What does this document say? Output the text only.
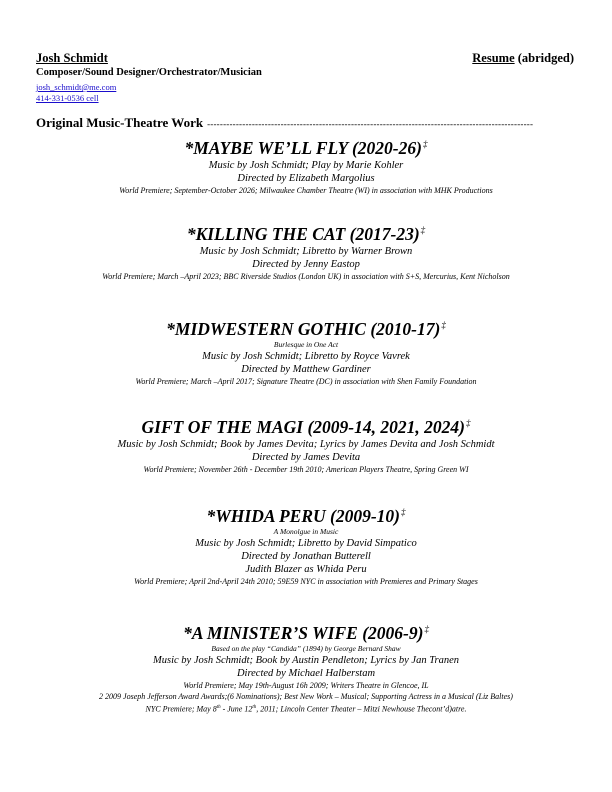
Josh Schmidt	Resume (abridged)
Composer/Sound Designer/Orchestrator/Musician
josh_schmidt@me.com
414-331-0536 cell
Original Music-Theatre Work ------------------------------------------------------------------------------------------------------
*MAYBE WE’LL FLY (2020-26)‡
Music by Josh Schmidt; Play by Marie Kohler
Directed by Elizabeth Margolius
World Premiere; September-October 2026; Milwaukee Chamber Theatre (WI) in association with MHK Productions
*KILLING THE CAT (2017-23)‡
Music by Josh Schmidt; Libretto by Warner Brown
Directed by Jenny Eastop
World Premiere; March –April 2023; BBC Riverside Studios (London UK) in association with S+S, Mercurius, Kent Nicholson
*MIDWESTERN GOTHIC (2010-17)‡
Burlesque in One Act
Music by Josh Schmidt; Libretto by Royce Vavrek
Directed by Matthew Gardiner
World Premiere; March –April 2017; Signature Theatre (DC) in association with Shen Family Foundation
GIFT OF THE MAGI (2009-14, 2021, 2024)‡
Music by Josh Schmidt; Book by James Devita; Lyrics by James Devita and Josh Schmidt
Directed by James Devita
World Premiere; November 26th - December 19th 2010; American Players Theatre, Spring Green WI
*WHIDA PERU (2009-10)‡
A Monolgue in Music
Music by Josh Schmidt; Libretto by David Simpatico
Directed by Jonathan Butterell
Judith Blazer as Whida Peru
World Premiere; April 2nd-April 24th 2010; 59E59 NYC in association with Premieres and Primary Stages
*A MINISTER’S WIFE (2006-9)‡
Based on the play “Candida” (1894) by George Bernard Shaw
Music by Josh Schmidt; Book by Austin Pendleton; Lyrics by Jan Tranen
Directed by Michael Halberstam
World Premiere; May 19th-August 16h 2009; Writers Theatre in Glencoe, IL
2 2009 Joseph Jefferson Award Awards;(6 Nominations); Best New Work – Musical; Supporting Actress in a Musical (Liz Baltes)
NYC Premiere; May 8th - June 12th, 2011; Lincoln Center Theater – Mitzi Newhouse Thecont’d)atre.
